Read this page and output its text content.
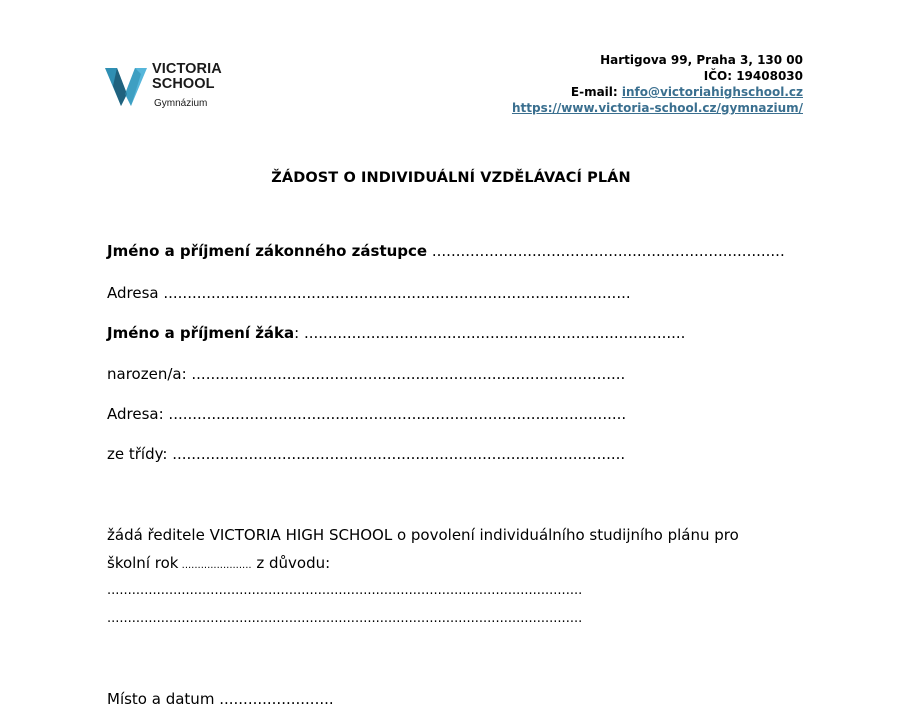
VICTORIA
SCHOOL
Gymnázium
Hartigova 99, Praha 3, 130 00
IČO: 19408030
E-mail: info@victoriahighschool.cz
https://www.victoria-school.cz/gymnazium/
ŽÁDOST O INDIVIDUÁLNÍ VZDĚLÁVACÍ PLÁN
Jméno a příjmení zákonného zástupce ..........................................................................
Adresa ..................................................................................................
Jméno a příjmení žáka: ................................................................................
narozen/a: ...........................................................................................
Adresa: ................................................................................................
ze třídy: ...............................................................................................
žádá ředitele VICTORIA HIGH SCHOOL o povolení individuálního studijního plánu pro
školní rok ...................... z důvodu:
...................................................................................................................
...................................................................................................................
Místo a datum ........................
